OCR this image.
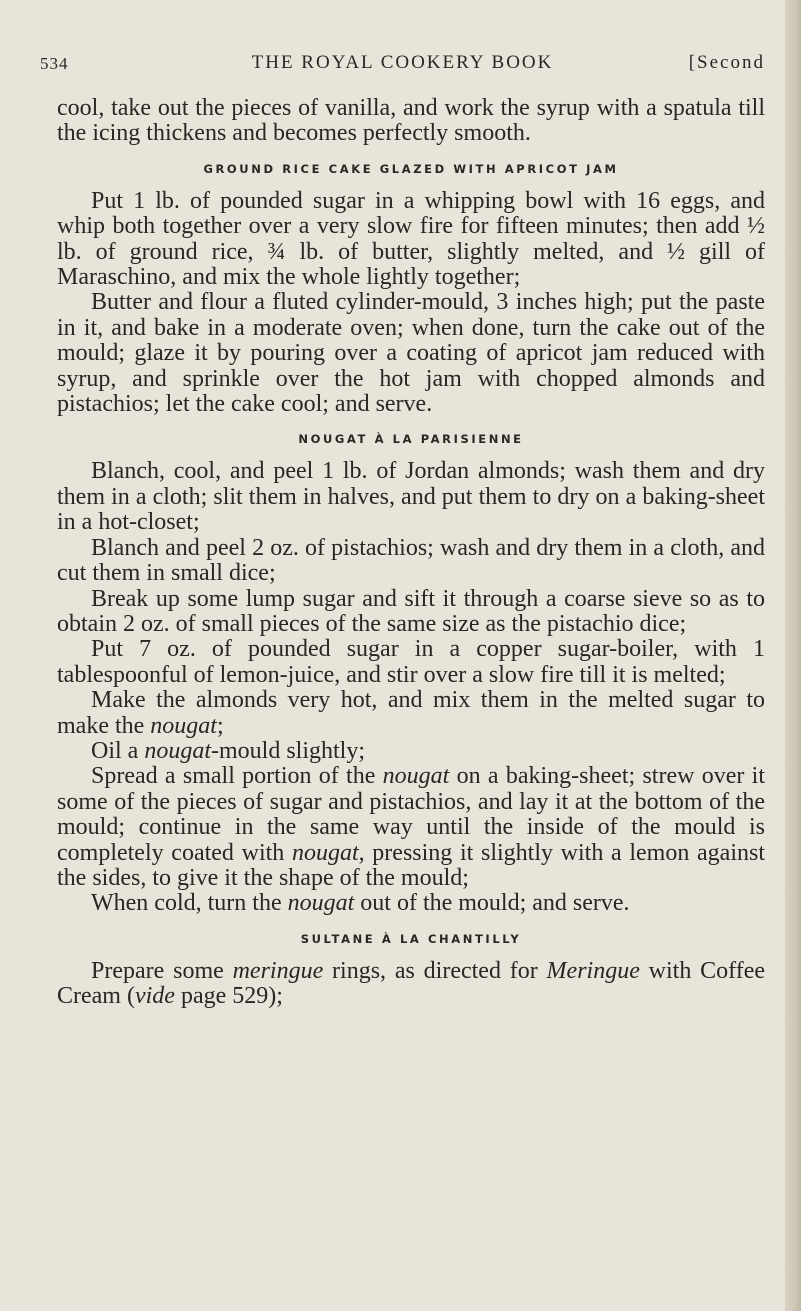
534	THE ROYAL COOKERY BOOK	[Second

cool, take out the pieces of vanilla, and work the syrup with a spatula till the icing thickens and becomes perfectly smooth.

GROUND RICE CAKE GLAZED WITH APRICOT JAM

Put 1 lb. of pounded sugar in a whipping bowl with 16 eggs, and whip both together over a very slow fire for fifteen minutes; then add ½ lb. of ground rice, ¾ lb. of butter, slightly melted, and ½ gill of Maraschino, and mix the whole lightly together;

Butter and flour a fluted cylinder-mould, 3 inches high; put the paste in it, and bake in a moderate oven; when done, turn the cake out of the mould; glaze it by pouring over a coating of apricot jam reduced with syrup, and sprinkle over the hot jam with chopped almonds and pistachios; let the cake cool; and serve.

NOUGAT À LA PARISIENNE

Blanch, cool, and peel 1 lb. of Jordan almonds; wash them and dry them in a cloth; slit them in halves, and put them to dry on a baking-sheet in a hot-closet;

Blanch and peel 2 oz. of pistachios; wash and dry them in a cloth, and cut them in small dice;

Break up some lump sugar and sift it through a coarse sieve so as to obtain 2 oz. of small pieces of the same size as the pistachio dice;

Put 7 oz. of pounded sugar in a copper sugar-boiler, with 1 tablespoonful of lemon-juice, and stir over a slow fire till it is melted;

Make the almonds very hot, and mix them in the melted sugar to make the nougat;

Oil a nougat-mould slightly;

Spread a small portion of the nougat on a baking-sheet; strew over it some of the pieces of sugar and pistachios, and lay it at the bottom of the mould; continue in the same way until the inside of the mould is completely coated with nougat, pressing it slightly with a lemon against the sides, to give it the shape of the mould;

When cold, turn the nougat out of the mould; and serve.

SULTANE À LA CHANTILLY

Prepare some meringue rings, as directed for Meringue with Coffee Cream (vide page 529);
